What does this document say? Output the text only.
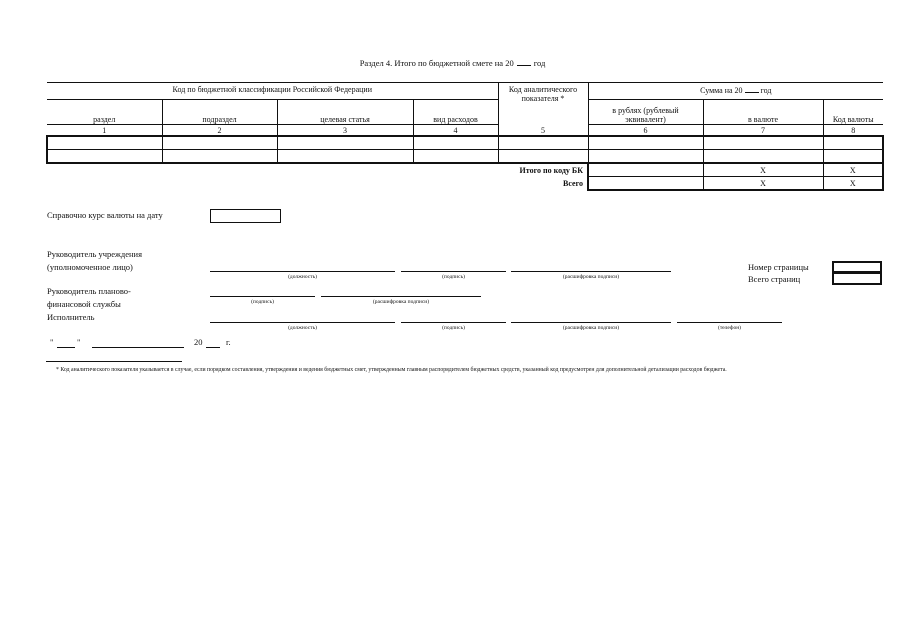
Раздел 4. Итого по бюджетной смете на 20 год
Код по бюджетной классификации Российской Федерации				Код аналитического показателя *	Сумма на 20 год		
раздел	подраздел	целевая статья	вид расходов		в рублях (рублевый эквивалент)	в валюте	Код валюты
1	2	3	4	5	6	7	8

Итого по коду БК						X	X
Всего						X	X
Справочно курс валюты на дату
Руководитель учреждения
(уполномоченное лицо)
(должность)	(подпись)	(расшифровка подписи)
Номер страницы
Всего страниц
Руководитель планово-
финансовой службы	(подпись)	(расшифровка подписи)
Исполнитель
(должность)	(подпись)	(расшифровка подписи)	(телефон)
"	"	20	г.
* Код аналитического показателя указывается в случае, если порядком составления, утверждения и ведения бюджетных смет, утвержденным главным распорядителем бюджетных средств, указанный код предусмотрен для дополнительной детализации расходов бюджета.
